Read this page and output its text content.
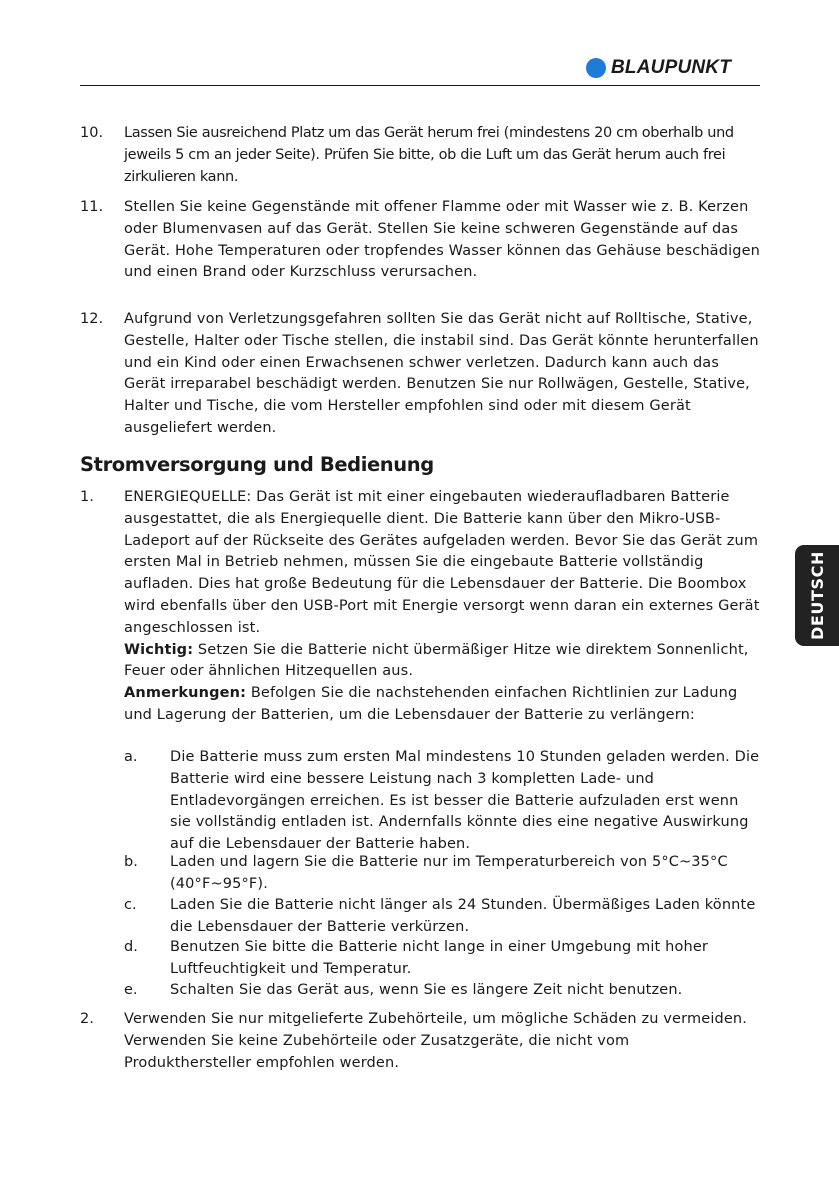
BLAUPUNKT
DEUTSCH
10. Lassen Sie ausreichend Platz um das Gerät herum frei (mindestens 20 cm oberhalb und jeweils 5 cm an jeder Seite). Prüfen Sie bitte, ob die Luft um das Gerät herum auch frei zirkulieren kann.
11. Stellen Sie keine Gegenstände mit offener Flamme oder mit Wasser wie z. B. Kerzen oder Blumenvasen auf das Gerät. Stellen Sie keine schweren Gegenstände auf das Gerät. Hohe Temperaturen oder tropfendes Wasser können das Gehäuse beschädigen und einen Brand oder Kurzschluss verursachen.
12. Aufgrund von Verletzungsgefahren sollten Sie das Gerät nicht auf Rolltische, Stative, Gestelle, Halter oder Tische stellen, die instabil sind. Das Gerät könnte herunterfallen und ein Kind oder einen Erwachsenen schwer verletzen. Dadurch kann auch das Gerät irreparabel beschädigt werden. Benutzen Sie nur Rollwägen, Gestelle, Stative, Halter und Tische, die vom Hersteller empfohlen sind oder mit diesem Gerät ausgeliefert werden.
Stromversorgung und Bedienung
1. ENERGIEQUELLE: Das Gerät ist mit einer eingebauten wiederaufladbaren Batterie ausgestattet, die als Energiequelle dient. Die Batterie kann über den Mikro-USB-Ladeport auf der Rückseite des Gerätes aufgeladen werden. Bevor Sie das Gerät zum ersten Mal in Betrieb nehmen, müssen Sie die eingebaute Batterie vollständig aufladen. Dies hat große Bedeutung für die Lebensdauer der Batterie. Die Boombox wird ebenfalls über den USB-Port mit Energie versorgt wenn daran ein externes Gerät angeschlossen ist.

Wichtig: Setzen Sie die Batterie nicht übermäßiger Hitze wie direktem Sonnenlicht, Feuer oder ähnlichen Hitzequellen aus.

Anmerkungen: Befolgen Sie die nachstehenden einfachen Richtlinien zur Ladung und Lagerung der Batterien, um die Lebensdauer der Batterie zu verlängern:

a. Die Batterie muss zum ersten Mal mindestens 10 Stunden geladen werden. Die Batterie wird eine bessere Leistung nach 3 kompletten Lade- und Entladevorgängen erreichen. Es ist besser die Batterie aufzuladen erst wenn sie vollständig entladen ist. Andernfalls könnte dies eine negative Auswirkung auf die Lebensdauer der Batterie haben.
b. Laden und lagern Sie die Batterie nur im Temperaturbereich von 5°C~35°C (40°F~95°F).
c. Laden Sie die Batterie nicht länger als 24 Stunden. Übermäßiges Laden könnte die Lebensdauer der Batterie verkürzen.
d. Benutzen Sie bitte die Batterie nicht lange in einer Umgebung mit hoher Luftfeuchtigkeit und Temperatur.
e. Schalten Sie das Gerät aus, wenn Sie es längere Zeit nicht benutzen.
2. Verwenden Sie nur mitgelieferte Zubehörteile, um mögliche Schäden zu vermeiden. Verwenden Sie keine Zubehörteile oder Zusatzgeräte, die nicht vom Produkthersteller empfohlen werden.
